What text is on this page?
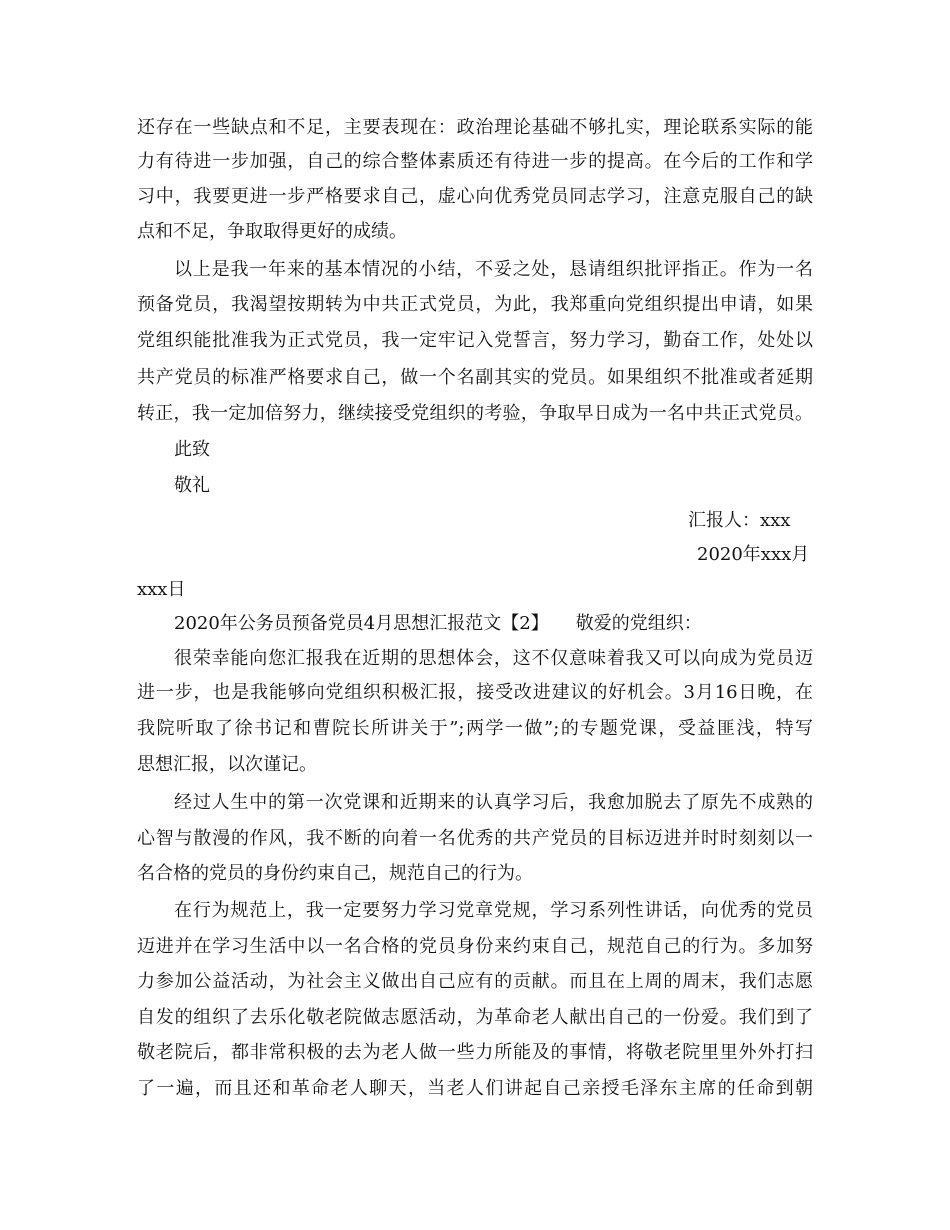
还存在一些缺点和不足，主要表现在：政治理论基础不够扎实，理论联系实际的能
力有待进一步加强，自己的综合整体素质还有待进一步的提高。在今后的工作和学
习中，我要更进一步严格要求自己，虚心向优秀党员同志学习，注意克服自己的缺
点和不足，争取取得更好的成绩。
以上是我一年来的基本情况的小结，不妥之处，恳请组织批评指正。作为一名
预备党员，我渴望按期转为中共正式党员，为此，我郑重向党组织提出申请，如果
党组织能批准我为正式党员，我一定牢记入党誓言，努力学习，勤奋工作，处处以
共产党员的标准严格要求自己，做一个名副其实的党员。如果组织不批准或者延期
转正，我一定加倍努力，继续接受党组织的考验，争取早日成为一名中共正式党员。
此致
敬礼
汇报人：xxx
2020年xxx月
xxx日
2020年公务员预备党员4月思想汇报范文【2】　　敬爱的党组织：
很荣幸能向您汇报我在近期的思想体会，这不仅意味着我又可以向成为党员迈
进一步，也是我能够向党组织积极汇报，接受改进建议的好机会。3月16日晚，在
我院听取了徐书记和曹院长所讲关于”;两学一做”;的专题党课，受益匪浅，特写
思想汇报，以次谨记。
经过人生中的第一次党课和近期来的认真学习后，我愈加脱去了原先不成熟的
心智与散漫的作风，我不断的向着一名优秀的共产党员的目标迈进并时时刻刻以一
名合格的党员的身份约束自己，规范自己的行为。
在行为规范上，我一定要努力学习党章党规，学习系列性讲话，向优秀的党员
迈进并在学习生活中以一名合格的党员身份来约束自己，规范自己的行为。多加努
力参加公益活动，为社会主义做出自己应有的贡献。而且在上周的周末，我们志愿
自发的组织了去乐化敬老院做志愿活动，为革命老人献出自己的一份爱。我们到了
敬老院后，都非常积极的去为老人做一些力所能及的事情，将敬老院里里外外打扫
了一遍，而且还和革命老人聊天，当老人们讲起自己亲授毛泽东主席的任命到朝
